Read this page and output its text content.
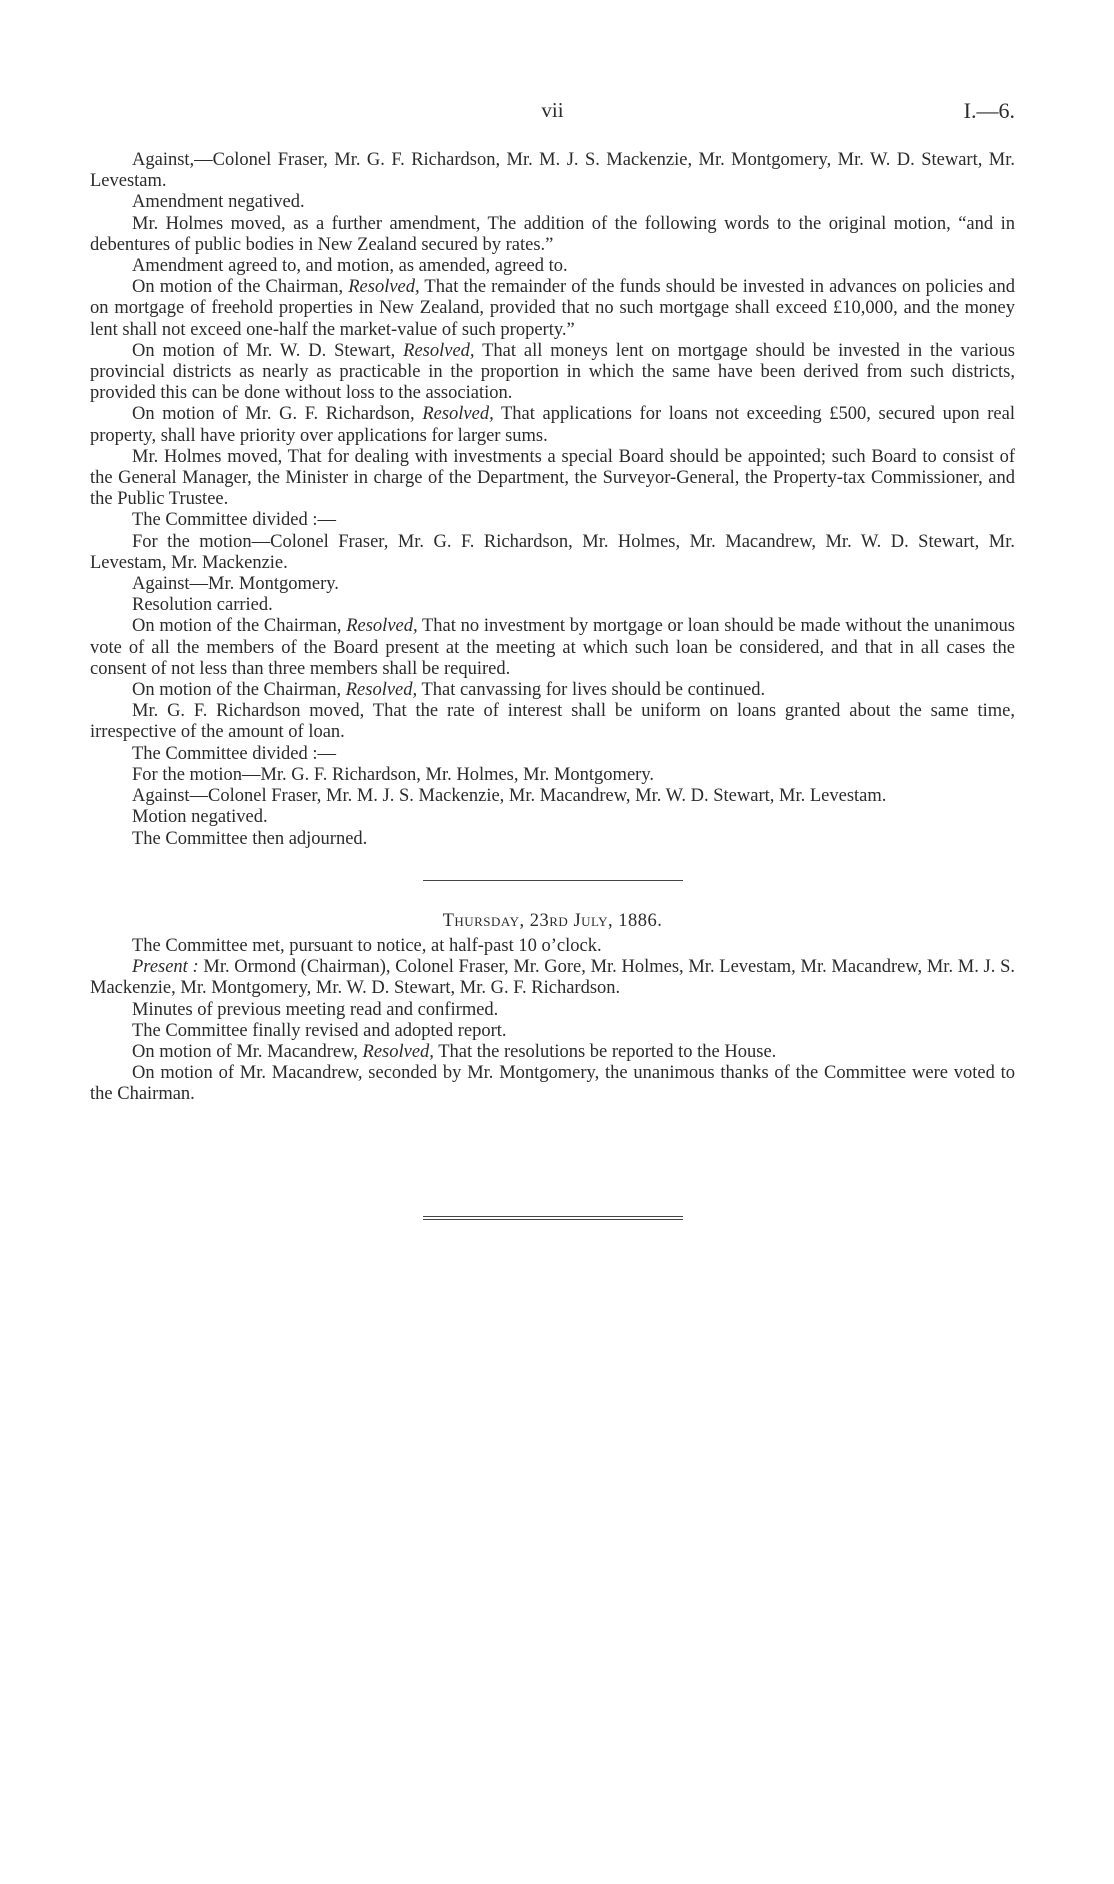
vii	I.—6.

Against,—Colonel Fraser, Mr. G. F. Richardson, Mr. M. J. S. Mackenzie, Mr. Montgomery, Mr. W. D. Stewart, Mr. Levestam.

Amendment negatived.

Mr. Holmes moved, as a further amendment, The addition of the following words to the original motion, “and in debentures of public bodies in New Zealand secured by rates.”

Amendment agreed to, and motion, as amended, agreed to.

On motion of the Chairman, Resolved, That the remainder of the funds should be invested in advances on policies and on mortgage of freehold properties in New Zealand, provided that no such mortgage shall exceed £10,000, and the money lent shall not exceed one-half the market-value of such property.”

On motion of Mr. W. D. Stewart, Resolved, That all moneys lent on mortgage should be invested in the various provincial districts as nearly as practicable in the proportion in which the same have been derived from such districts, provided this can be done without loss to the association.

On motion of Mr. G. F. Richardson, Resolved, That applications for loans not exceeding £500, secured upon real property, shall have priority over applications for larger sums.

Mr. Holmes moved, That for dealing with investments a special Board should be appointed; such Board to consist of the General Manager, the Minister in charge of the Department, the Surveyor-General, the Property-tax Commissioner, and the Public Trustee.

The Committee divided :—

For the motion—Colonel Fraser, Mr. G. F. Richardson, Mr. Holmes, Mr. Macandrew, Mr. W. D. Stewart, Mr. Levestam, Mr. Mackenzie.

Against—Mr. Montgomery.

Resolution carried.

On motion of the Chairman, Resolved, That no investment by mortgage or loan should be made without the unanimous vote of all the members of the Board present at the meeting at which such loan be considered, and that in all cases the consent of not less than three members shall be required.

On motion of the Chairman, Resolved, That canvassing for lives should be continued.

Mr. G. F. Richardson moved, That the rate of interest shall be uniform on loans granted about the same time, irrespective of the amount of loan.

The Committee divided :—

For the motion—Mr. G. F. Richardson, Mr. Holmes, Mr. Montgomery.

Against—Colonel Fraser, Mr. M. J. S. Mackenzie, Mr. Macandrew, Mr. W. D. Stewart, Mr. Levestam.

Motion negatived.

The Committee then adjourned.

Thursday, 23rd July, 1886.

The Committee met, pursuant to notice, at half-past 10 o’clock.

Present : Mr. Ormond (Chairman), Colonel Fraser, Mr. Gore, Mr. Holmes, Mr. Levestam, Mr. Macandrew, Mr. M. J. S. Mackenzie, Mr. Montgomery, Mr. W. D. Stewart, Mr. G. F. Richardson.

Minutes of previous meeting read and confirmed.

The Committee finally revised and adopted report.

On motion of Mr. Macandrew, Resolved, That the resolutions be reported to the House.

On motion of Mr. Macandrew, seconded by Mr. Montgomery, the unanimous thanks of the Committee were voted to the Chairman.
